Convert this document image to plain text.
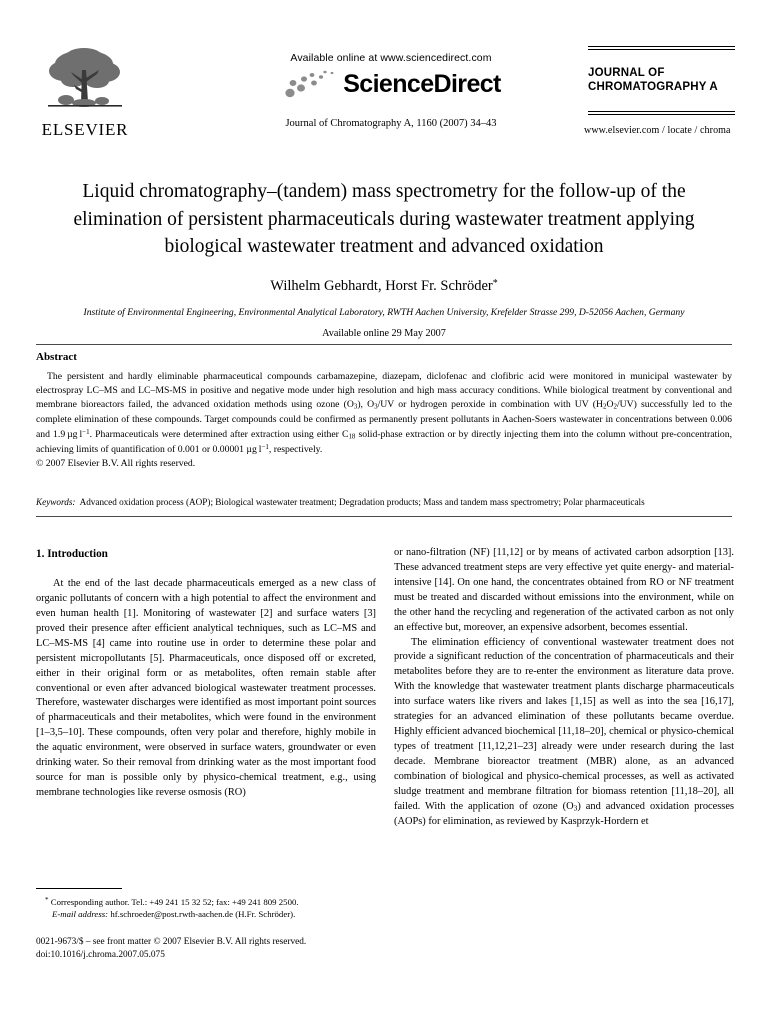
ELSEVIER
Available online at www.sciencedirect.com
ScienceDirect
Journal of Chromatography A, 1160 (2007) 34–43
JOURNAL OF
CHROMATOGRAPHY A
www.elsevier.com / locate / chroma
Liquid chromatography–(tandem) mass spectrometry for the follow-up of the elimination of persistent pharmaceuticals during wastewater treatment applying biological wastewater treatment and advanced oxidation
Wilhelm Gebhardt, Horst Fr. Schröder*
Institute of Environmental Engineering, Environmental Analytical Laboratory, RWTH Aachen University, Krefelder Strasse 299, D-52056 Aachen, Germany
Available online 29 May 2007
Abstract
The persistent and hardly eliminable pharmaceutical compounds carbamazepine, diazepam, diclofenac and clofibric acid were monitored in municipal wastewater by electrospray LC–MS and LC–MS-MS in positive and negative mode under high resolution and high mass accuracy conditions. While biological treatment by conventional and membrane bioreactors failed, the advanced oxidation methods using ozone $(O_3)$, $O_3/UV$ or hydrogen peroxide in combination with UV $(H_2O_2/UV)$ successfully led to the complete elimination of these compounds. Target compounds could be confirmed as permanently present pollutants in Aachen-Soers wastewater in concentrations between 0.006 and 1.9 µg $l^{-1}$. Pharmaceuticals were determined after extraction using either $C_{18}$ solid-phase extraction or by directly injecting them into the column without pre-concentration, achieving limits of quantification of 0.001 or 0.00001 µg $l^{-1}$, respectively.
© 2007 Elsevier B.V. All rights reserved.
Keywords: Advanced oxidation process (AOP); Biological wastewater treatment; Degradation products; Mass and tandem mass spectrometry; Polar pharmaceuticals
1. Introduction

At the end of the last decade pharmaceuticals emerged as a new class of organic pollutants of concern with a high potential to affect the environment and even human health [1]. Monitoring of wastewater [2] and surface waters [3] proved their presence after efficient analytical techniques, such as LC–MS and LC–MS-MS [4] came into routine use in order to determine these polar and persistent micropollutants [5]. Pharmaceuticals, once disposed off or excreted, either in their original form or as metabolites, often remain stable after conventional or even after advanced biological wastewater treatment processes. Therefore, wastewater discharges were identified as most important point sources of pharmaceuticals and their metabolites, which were found in the environment [1–3,5–10]. These compounds, often very polar and therefore, highly mobile in the aquatic environment, were observed in surface waters, groundwater or even drinking water. So their removal from drinking water as the most important food source for man is possible only by physico-chemical treatment, e.g., using membrane technologies like reverse osmosis (RO)

or nano-filtration (NF) [11,12] or by means of activated carbon adsorption [13]. These advanced treatment steps are very effective yet quite energy- and material-intensive [14]. On one hand, the concentrates obtained from RO or NF treatment must be treated and discarded without emissions into the environment, while on the other hand the recycling and regeneration of the activated carbon as not only an effective but, moreover, an expensive adsorbent, becomes essential.

The elimination efficiency of conventional wastewater treatment does not provide a significant reduction of the concentration of pharmaceuticals and their metabolites before they are to re-enter the environment as literature data prove. With the knowledge that wastewater treatment plants discharge pharmaceuticals into surface waters like rivers and lakes [1,15] as well as into the sea [16,17], strategies for an advanced elimination of these pollutants became overdue. Highly efficient advanced biochemical [11,18–20], chemical or physico-chemical types of treatment [11,12,21–23] already were under research during the last decade. Membrane bioreactor treatment (MBR) alone, as an advanced combination of biological and physico-chemical processes, as well as activated sludge treatment and membrane filtration for biomass retention [11,18–20], all failed. With the application of ozone $(O_3)$ and advanced oxidation processes (AOPs) for elimination, as reviewed by Kasprzyk-Hordern et

* Corresponding author. Tel.: +49 241 15 32 52; fax: +49 241 809 2500.
E-mail address: hf.schroeder@post.rwth-aachen.de (H.Fr. Schröder).
0021-9673/$ – see front matter © 2007 Elsevier B.V. All rights reserved.
doi:10.1016/j.chroma.2007.05.075
